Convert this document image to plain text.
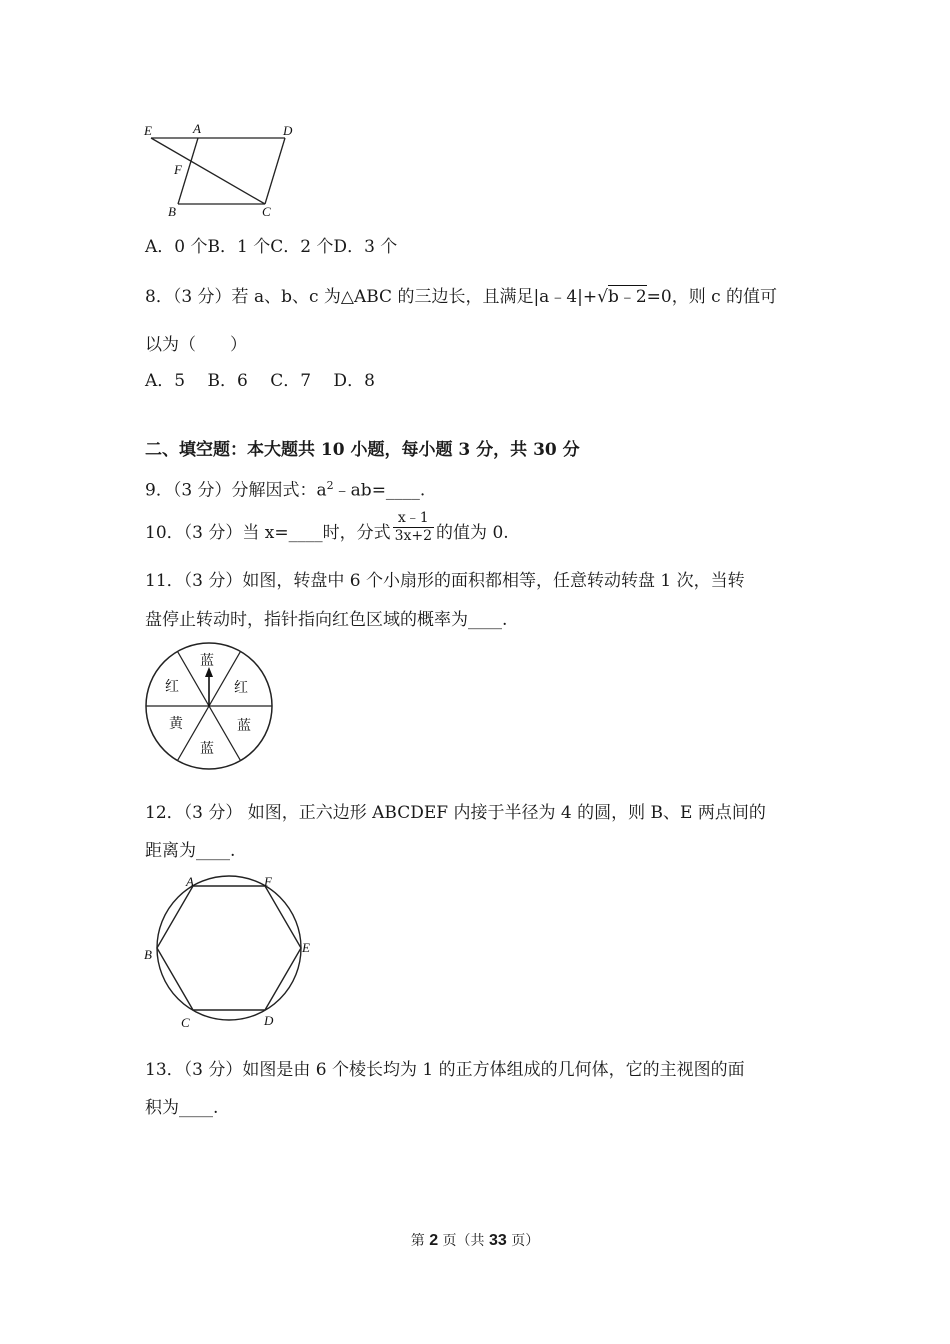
E	A	D
F
B	C
A．0 个B．1 个C．2 个D．3 个
8．（3 分）若 a、b、c 为△ABC 的三边长，且满足|a﹣4|+√b﹣2=0，则 c 的值可
以为（　　）
A．5　 B．6　 C．7　 D．8
二、填空题：本大题共 10 小题，每小题 3 分，共 30 分
9．（3 分）分解因式：$a^2﹣ab=\_\_\_\_$.
10．（3 分）当 x=____时，分式 $\frac{x﹣1}{3x+2}$ 的值为 0.
11．（3 分）如图，转盘中 6 个小扇形的面积都相等，任意转动转盘 1 次，当转
盘停止转动时，指针指向红色区域的概率为____.
蓝
红
蓝
蓝
黄
红
12．（3 分） 如图，正六边形 ABCDEF 内接于半径为 4 的圆，则 B、E 两点间的
距离为____.
A	F
B	E
C	D
13．（3 分）如图是由 6 个棱长均为 1 的正方体组成的几何体，它的主视图的面
积为____.
第 2 页（共 33 页）
